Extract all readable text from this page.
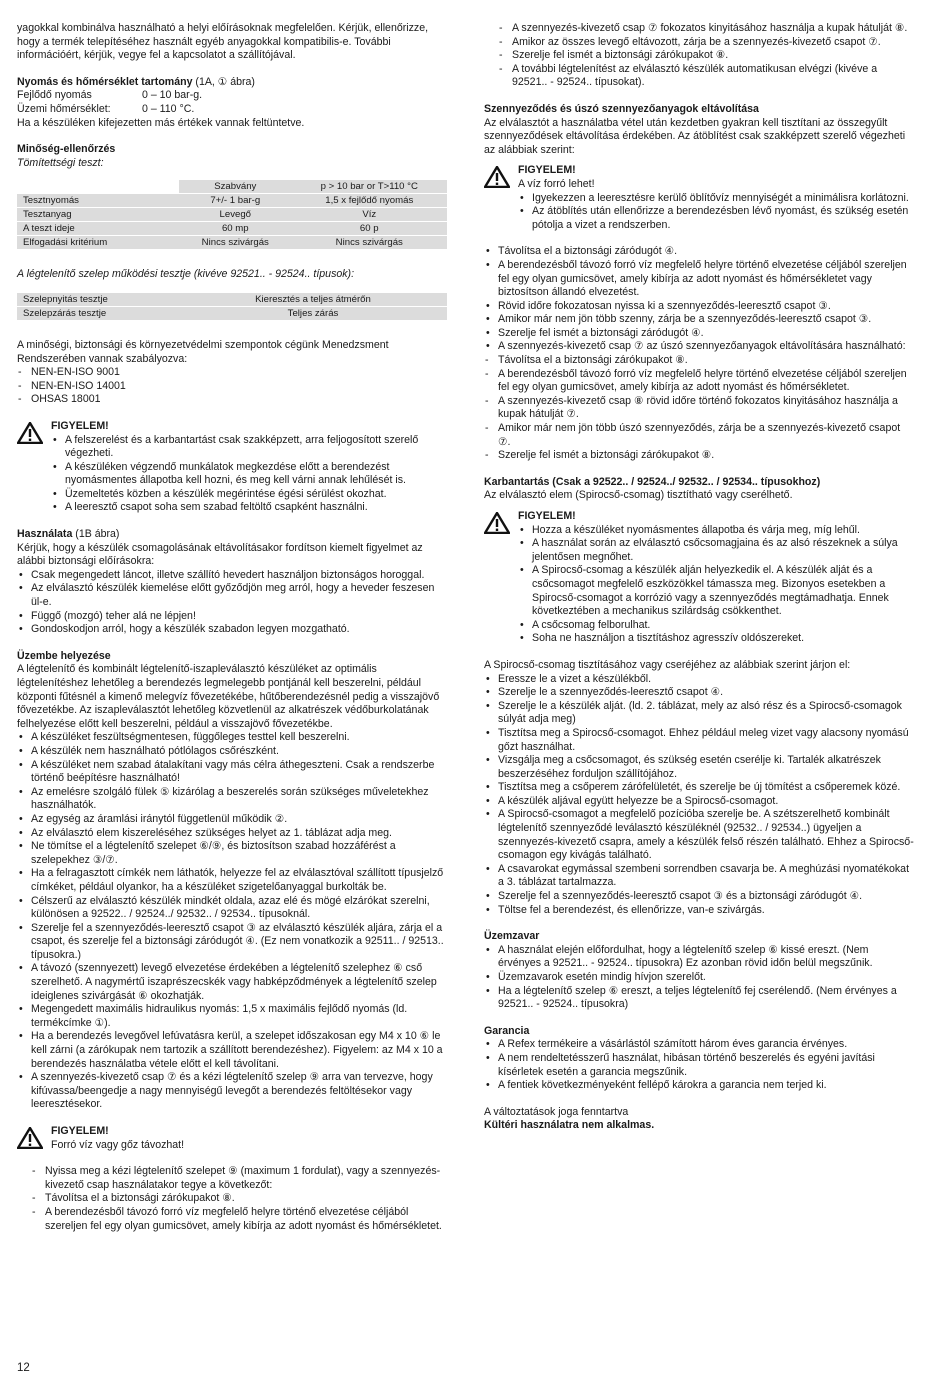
yagokkal kombinálva használható a helyi előírásoknak megfelelően. Kérjük, ellenőrizze, hogy a termék telepítéséhez használt egyéb anyagokkal kompatibilis-e. További információért, kérjük, vegye fel a kapcsolatot a szállítójával.

Nyomás és hőmérséklet tartomány (1A, ① ábra)

Fejlődő nyomás	0 – 10 bar-g.
Üzemi hőmérséklet:	0 – 110 °C.

Ha a készüléken kifejezetten más értékek vannak feltüntetve.

Minőség-ellenőrzés

Tömítettségi teszt:

	Szabvány	p > 10 bar or T>110 °C
Tesztnyomás	7+/- 1 bar-g	1,5 x fejlődő nyomás
Tesztanyag	Levegő	Víz
A teszt ideje	60 mp	60 p
Elfogadási kritérium	Nincs szivárgás	Nincs szivárgás

A légtelenítő szelep működési tesztje (kivéve 92521.. - 92524.. típusok):

Szelepnyitás tesztje	Kieresztés a teljes átmérőn
Szelepzárás tesztje	Teljes zárás

A minőségi, biztonsági és környezetvédelmi szempontok cégünk Menedzsment Rendszerében vannak szabályozva:

- NEN-EN-ISO 9001
- NEN-EN-ISO 14001
- OHSAS 18001

FIGYELEM!

• A felszerelést és a karbantartást csak szakképzett, arra feljogosított szerelő végezheti.
• A készüléken végzendő munkálatok megkezdése előtt a berendezést nyomásmentes állapotba kell hozni, és meg kell várni annak lehűlését is.
• Üzemeltetés közben a készülék megérintése égési sérülést okozhat.
• A leeresztő csapot soha sem szabad feltöltő csapként használni.

Használata (1B ábra)

Kérjük, hogy a készülék csomagolásának eltávolításakor fordítson kiemelt figyelmet az alábbi biztonsági előírásokra:

• Csak megengedett láncot, illetve szállító hevedert használjon biztonságos horoggal.
• Az elválasztó készülék kiemelése előtt győződjön meg arról, hogy a heveder feszesen ül-e.
• Függő (mozgó) teher alá ne lépjen!
• Gondoskodjon arról, hogy a készülék szabadon legyen mozgatható.

Üzembe helyezése

A légtelenítő és kombinált légtelenítő-iszapleválasztó készüléket az optimális légtelenítéshez lehetőleg a berendezés legmelegebb pontjánál kell beszerelni, például központi fűtésnél a kimenő melegvíz fővezetékébe, hűtőberendezésnél pedig a visszajövő fővezetékbe. Az iszapleválasztót lehetőleg közvetlenül az alkatrészek védőburkolatának felhelyezése előtt kell beszerelni, például a visszajövő fővezetékbe.

• A készüléket feszültségmentesen, függőleges testtel kell beszerelni.
• A készülék nem használható pótlólagos csőrészként.
• A készüléket nem szabad átalakítani vagy más célra áthegeszteni. Csak a rendszerbe történő beépítésre használható!
• Az emelésre szolgáló fülek ⑤ kizárólag a beszerelés során szükséges műveletekhez használhatók.
• Az egység az áramlási iránytól függetlenül működik ②.
• Az elválasztó elem kiszereléséhez szükséges helyet az 1. táblázat adja meg.
• Ne tömítse el a légtelenítő szelepet ⑥/⑨, és biztosítson szabad hozzáférést a szelepekhez ③/⑦.
• Ha a felragasztott címkék nem láthatók, helyezze fel az elválasztóval szállított típusjelző címkéket, például olyankor, ha a készüléket szigetelőanyaggal burkolták be.
• Célszerű az elválasztó készülék mindkét oldala, azaz elé és mögé elzárókat szerelni, különösen a 92522.. / 92524../ 92532.. / 92534.. típusoknál.
• Szerelje fel a szennyeződés-leeresztő csapot ③ az elválasztó készülék aljára, zárja el a csapot, és szerelje fel a biztonsági záródugót ④. (Ez nem vonatkozik a 92511.. / 92513.. típusokra.)
• A távozó (szennyezett) levegő elvezetése érdekében a légtelenítő szelephez ⑥ cső szerelhető. A nagymértű iszaprészecskék vagy habképződmények a légtelenítő szelep ideiglenes szivárgását ⑥ okozhatják.
• Megengedett maximális hidraulikus nyomás: 1,5 x maximális fejlődő nyomás (ld. termékcímke ①).
• Ha a berendezés levegővel lefúvatásra kerül, a szelepet időszakosan egy M4 x 10 ⑥ le kell zárni (a zárókupak nem tartozik a szállított berendezéshez). Figyelem: az M4 x 10 a berendezés használatba vétele előtt el kell távolítani.
• A szennyezés-kivezető csap ⑦ és a kézi légtelenítő szelep ⑨ arra van tervezve, hogy kifúvassa/beengedje a nagy mennyiségű levegőt a berendezés feltöltésekor vagy leeresztésekor.

FIGYELEM!

Forró víz vagy gőz távozhat!

- Nyissa meg a kézi légtelenítő szelepet ⑨ (maximum 1 fordulat), vagy a szennyezés-kivezető csap használatakor tegye a következőt:
- Távolítsa el a biztonsági zárókupakot ⑧.
- A berendezésből távozó forró víz megfelelő helyre történő elvezetése céljából szereljen fel egy olyan gumicsövet, amely kibírja az adott nyomást és hőmérsékletet.
- A szennyezés-kivezető csap ⑦ fokozatos kinyitásához használja a kupak hátulját ⑧.
- Amikor az összes levegő eltávozott, zárja be a szennyezés-kivezető csapot ⑦.
- Szerelje fel ismét a biztonsági zárókupakot ⑧.
- A további légtelenítést az elválasztó készülék automatikusan elvégzi (kivéve a 92521.. - 92524.. típusokat).

Szennyeződés és úszó szennyezőanyagok eltávolítása

Az elválasztót a használatba vétel után kezdetben gyakran kell tisztítani az összegyűlt szennyeződések eltávolítása érdekében. Az átöblítést csak szakképzett szerelő végezheti az alábbiak szerint:

FIGYELEM!

A víz forró lehet!
• Igyekezzen a leeresztésre kerülő öblítővíz mennyiségét a minimálisra korlátozni.
• Az átöblítés után ellenőrizze a berendezésben lévő nyomást, és szükség esetén pótolja a vizet a rendszerben.
• Távolítsa el a biztonsági záródugót ④.
• A berendezésből távozó forró víz megfelelő helyre történő elvezetése céljából szereljen fel egy olyan gumicsövet, amely kibírja az adott nyomást és hőmérsékletet vagy biztosítson állandó elvezetést.
• Rövid időre fokozatosan nyissa ki a szennyeződés-leeresztő csapot ③.
• Amikor már nem jön több szenny, zárja be a szennyeződés-leeresztő csapot ③.
• Szerelje fel ismét a biztonsági záródugót ④.
• A szennyezés-kivezető csap ⑦ az úszó szennyezőanyagok eltávolítására használható:
- Távolítsa el a biztonsági zárókupakot ⑧.
- A berendezésből távozó forró víz megfelelő helyre történő elvezetése céljából szereljen fel egy olyan gumicsövet, amely kibírja az adott nyomást és hőmérsékletet.
- A szennyezés-kivezető csap ⑧ rövid időre történő fokozatos kinyitásához használja a kupak hátulját ⑦.
- Amikor már nem jön több úszó szennyeződés, zárja be a szennyezés-kivezető csapot ⑦.
- Szerelje fel ismét a biztonsági zárókupakot ⑧.

Karbantartás (Csak a 92522.. / 92524../ 92532.. / 92534.. típusokhoz)

Az elválasztó elem (Spirocső-csomag) tisztítható vagy cserélhető.

FIGYELEM!

• Hozza a készüléket nyomásmentes állapotba és várja meg, míg lehűl.
• A használat során az elválasztó csőcsomagjaina és az alsó részeknek a súlya jelentősen megnőhet.
• A Spirocső-csomag a készülék alján helyezkedik el. A készülék alját és a csőcsomagot megfelelő eszközökkel támassza meg. Bizonyos esetekben a Spirocső-csomagot a korrózió vagy a szennyeződés megtámadhatja. Ennek következtében a mechanikus szilárdság csökkenthet.
• A csőcsomag felborulhat.
• Soha ne használjon a tisztításhoz agresszív oldószereket.

A Spirocső-csomag tisztításához vagy cseréjéhez az alábbiak szerint járjon el:

• Eressze le a vizet a készülékből.
• Szerelje le a szennyeződés-leeresztő csapot ④.
• Szerelje le a készülék alját. (ld. 2. táblázat, mely az alsó rész és a Spirocső-csomagok súlyát adja meg)
• Tisztítsa meg a Spirocső-csomagot. Ehhez például meleg vizet vagy alacsony nyomású gőzt használhat.
• Vizsgálja meg a csőcsomagot, és szükség esetén cserélje ki. Tartalék alkatrészek beszerzéséhez forduljon szállítójához.
• Tisztítsa meg a csőperem zárófelületét, és szerelje be új tömítést a csőperemek közé.
• A készülék aljával együtt helyezze be a Spirocső-csomagot.
• A Spirocső-csomagot a megfelelő pozícióba szerelje be. A szétszerelhető kombinált légtelenítő szennyeződé leválasztó készüléknél (92532.. / 92534..) ügyeljen a szennyezés-kivezető csapra, amely a készülék felső részén található. Ehhez a Spirocső-csomagon egy kivágás található.
• A csavarokat egymással szembeni sorrendben csavarja be. A meghúzási nyomatékokat a 3. táblázat tartalmazza.
• Szerelje fel a szennyeződés-leeresztő csapot ③ és a biztonsági záródugót ④.
• Töltse fel a berendezést, és ellenőrizze, van-e szivárgás.

Üzemzavar

• A használat elején előfordulhat, hogy a légtelenítő szelep ⑥ kissé ereszt. (Nem érvényes a 92521.. - 92524.. típusokra) Ez azonban rövid időn belül megszűnik.
• Üzemzavarok esetén mindig hívjon szerelőt.
• Ha a légtelenítő szelep ⑥ ereszt, a teljes légtelenítő fej cserélendő. (Nem érvényes a 92521.. - 92524.. típusokra)

Garancia

• A Refex termékeire a vásárlástól számított három éves garancia érvényes.
• A nem rendeltetésszerű használat, hibásan történő beszerelés és egyéni javítási kísérletek esetén a garancia megszűnik.
• A fentiek következményeként fellépő károkra a garancia nem terjed ki.

A változtatások joga fenntartva

Kültéri használatra nem alkalmas.

12
